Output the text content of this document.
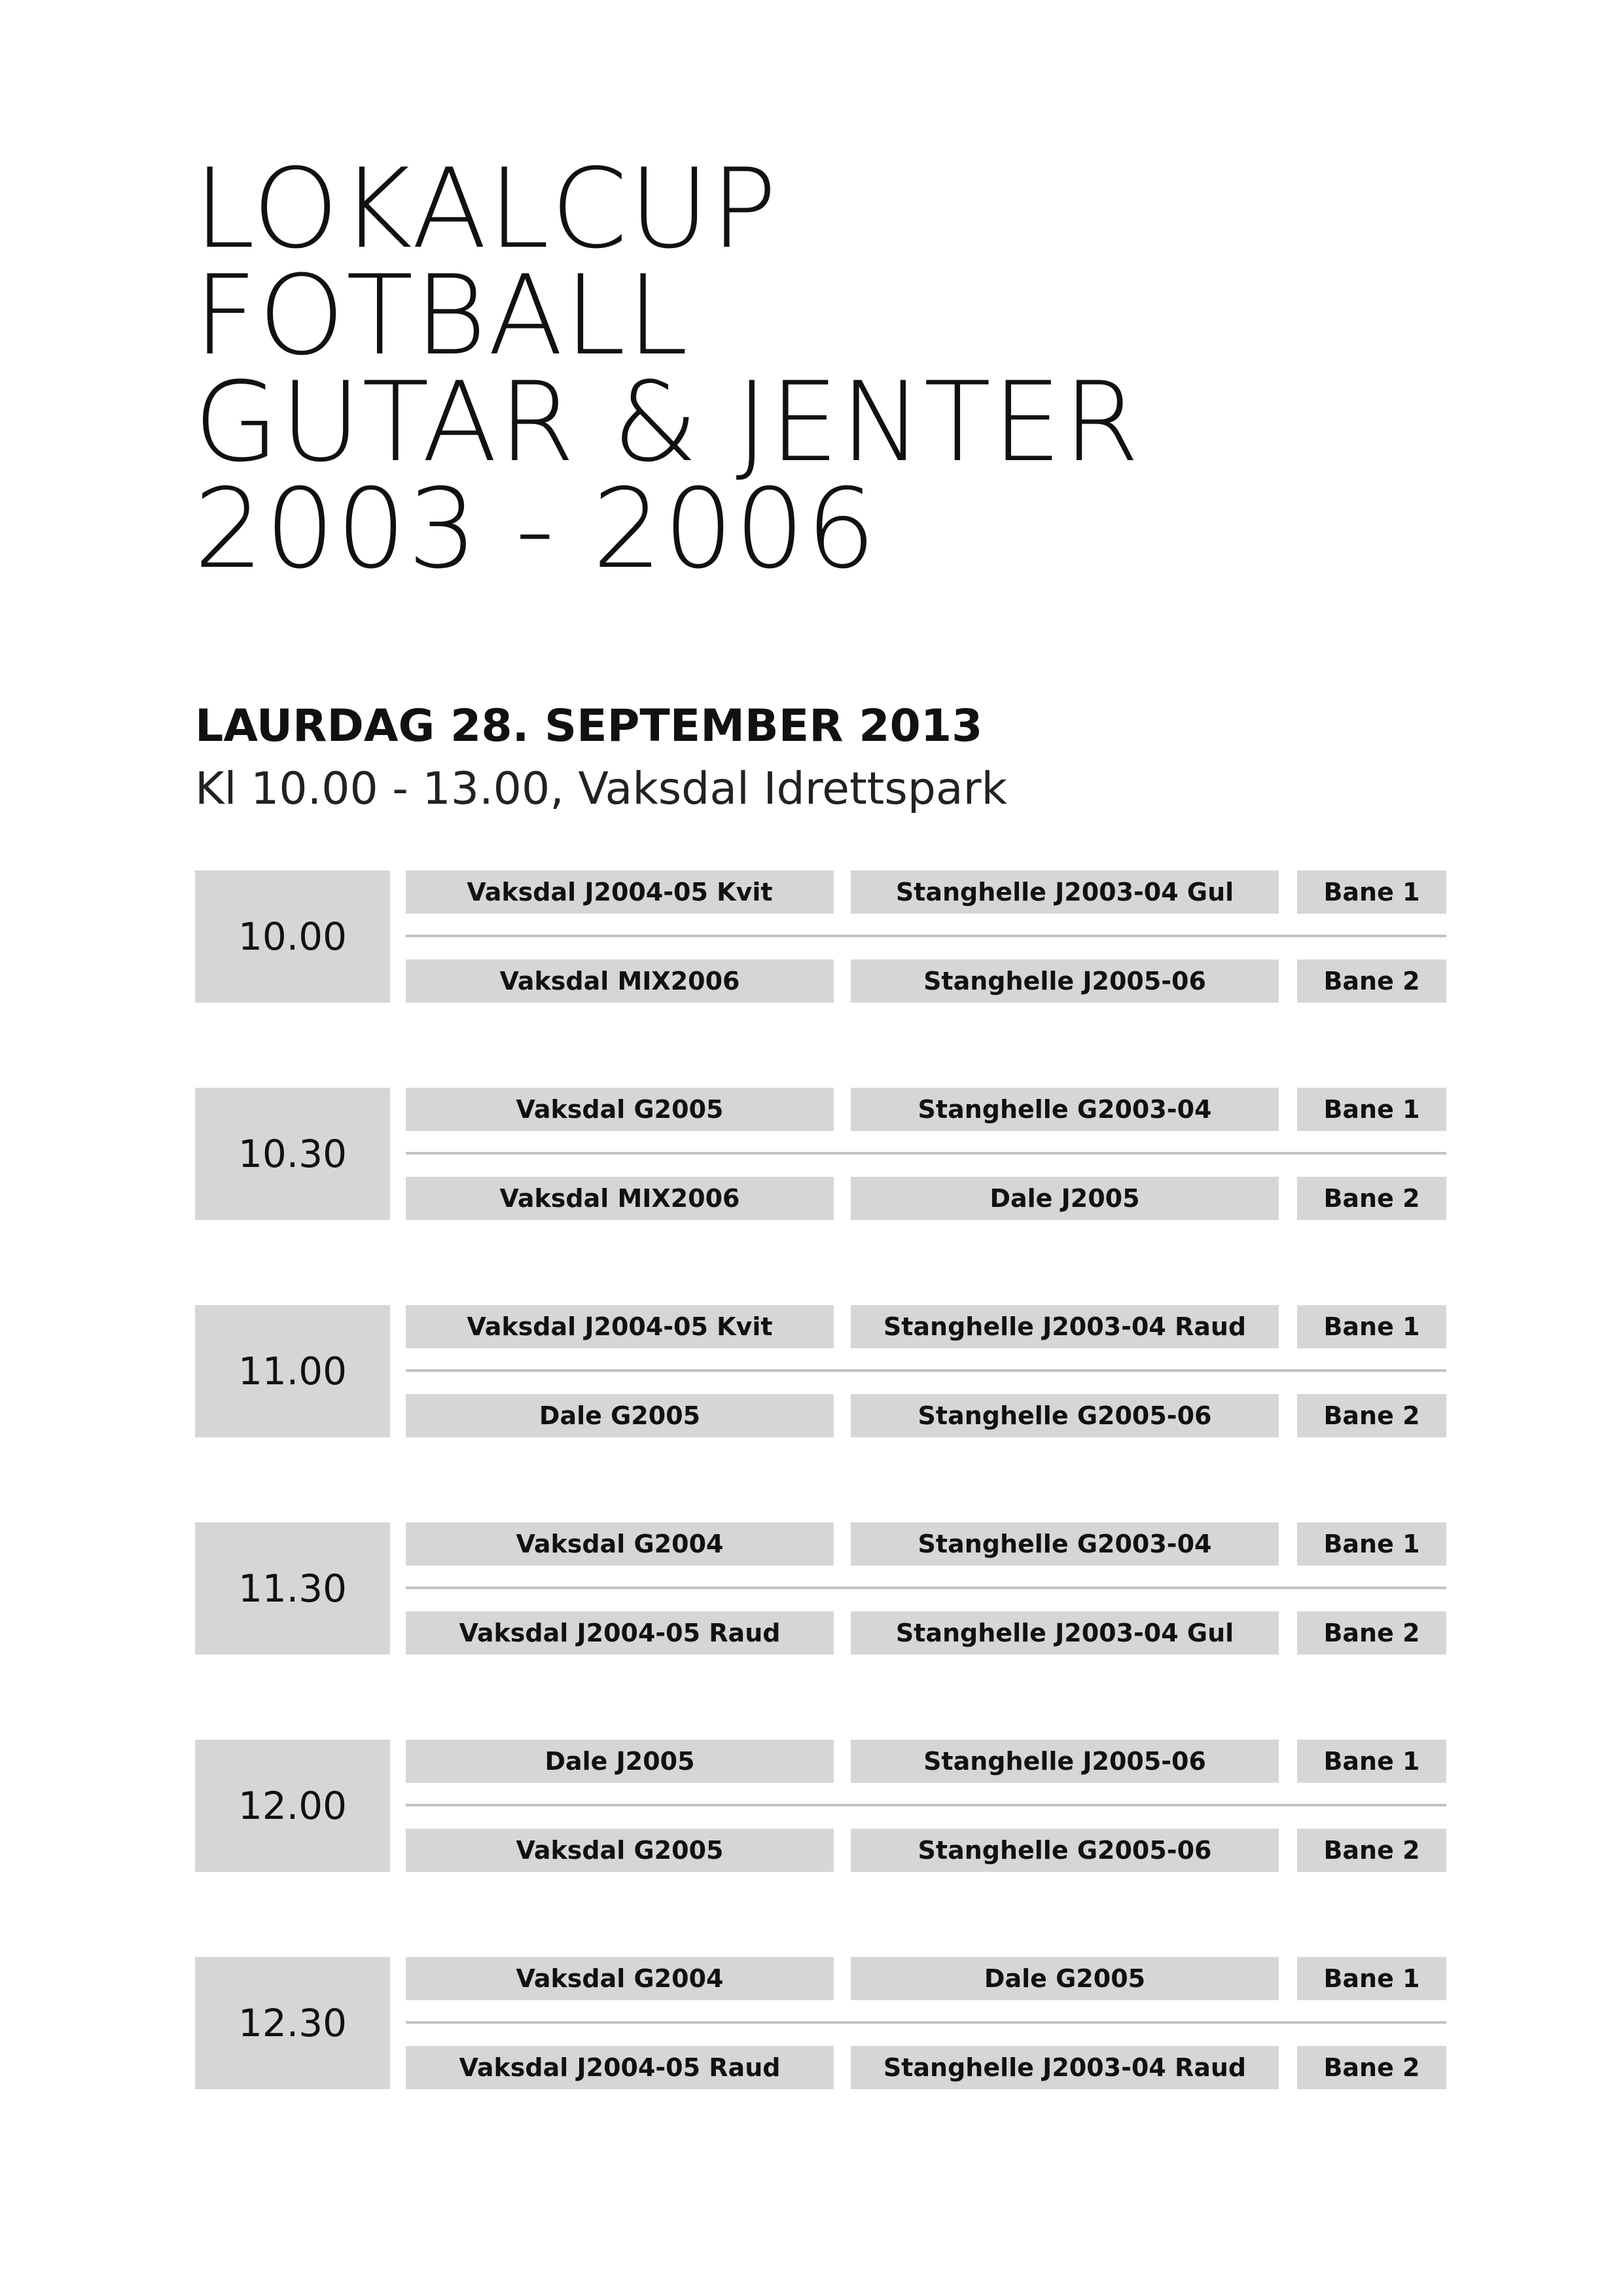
LOKALCUP
FOTBALL
GUTAR & JENTER
2003 - 2006
LAURDAG 28. SEPTEMBER 2013
Kl 10.00 - 13.00, Vaksdal Idrettspark
10.00
Vaksdal J2004-05 Kvit	Stanghelle J2003-04 Gul	Bane 1
Vaksdal MIX2006	Stanghelle J2005-06	Bane 2
10.30
Vaksdal G2005	Stanghelle G2003-04	Bane 1
Vaksdal MIX2006	Dale J2005	Bane 2
11.00
Vaksdal J2004-05 Kvit	Stanghelle J2003-04 Raud	Bane 1
Dale G2005	Stanghelle G2005-06	Bane 2
11.30
Vaksdal G2004	Stanghelle G2003-04	Bane 1
Vaksdal J2004-05 Raud	Stanghelle J2003-04 Gul	Bane 2
12.00
Dale J2005	Stanghelle J2005-06	Bane 1
Vaksdal G2005	Stanghelle G2005-06	Bane 2
12.30
Vaksdal G2004	Dale G2005	Bane 1
Vaksdal J2004-05 Raud	Stanghelle J2003-04 Raud	Bane 2
